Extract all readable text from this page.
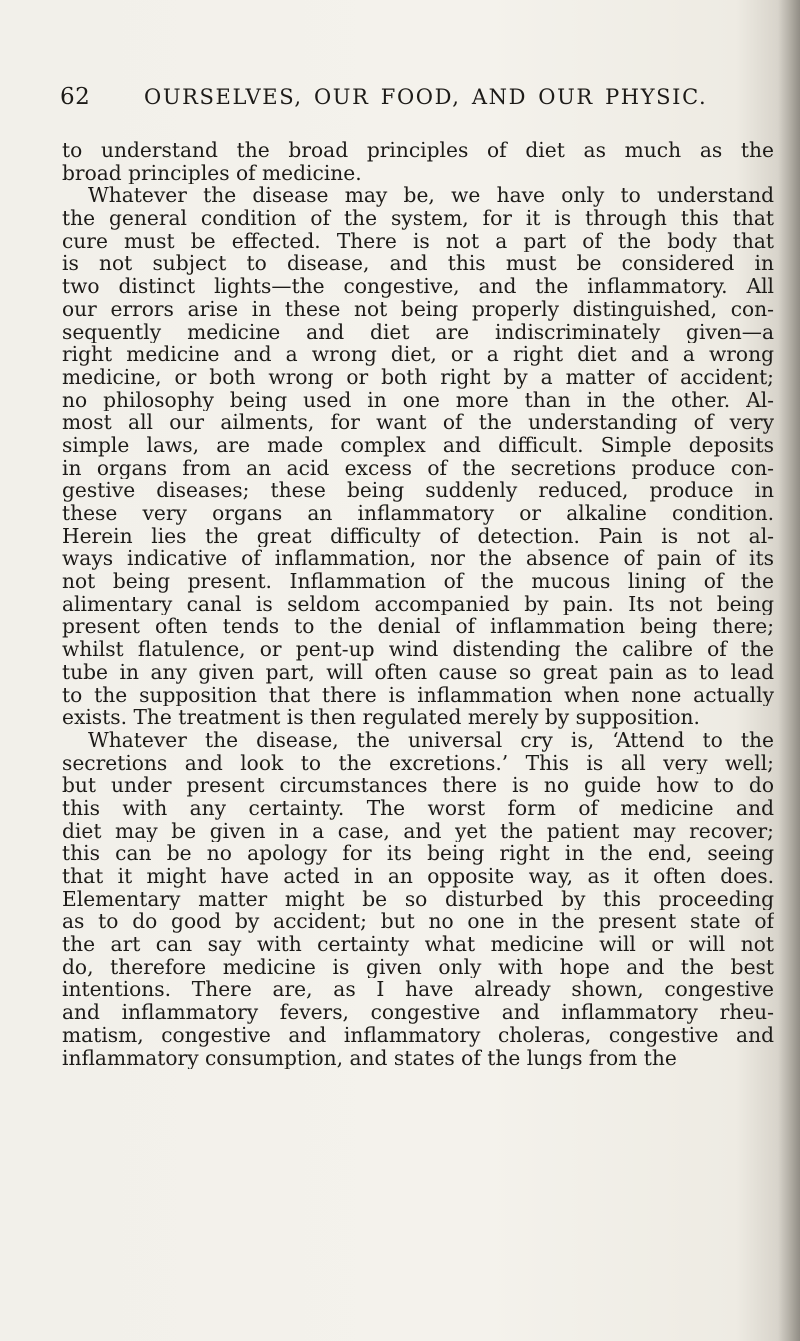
62	OURSELVES, OUR FOOD, AND OUR PHYSIC.
to understand the broad principles of diet as much as the
broad principles of medicine.
Whatever the disease may be, we have only to understand
the general condition of the system, for it is through this that
cure must be effected. There is not a part of the body that
is not subject to disease, and this must be considered in
two distinct lights—the congestive, and the inflammatory. All
our errors arise in these not being properly distinguished, con-
sequently medicine and diet are indiscriminately given—a
right medicine and a wrong diet, or a right diet and a wrong
medicine, or both wrong or both right by a matter of accident;
no philosophy being used in one more than in the other. Al-
most all our ailments, for want of the understanding of very
simple laws, are made complex and difficult. Simple deposits
in organs from an acid excess of the secretions produce con-
gestive diseases; these being suddenly reduced, produce in
these very organs an inflammatory or alkaline condition.
Herein lies the great difficulty of detection. Pain is not al-
ways indicative of inflammation, nor the absence of pain of its
not being present. Inflammation of the mucous lining of the
alimentary canal is seldom accompanied by pain. Its not being
present often tends to the denial of inflammation being there;
whilst flatulence, or pent-up wind distending the calibre of the
tube in any given part, will often cause so great pain as to lead
to the supposition that there is inflammation when none actually
exists. The treatment is then regulated merely by supposition.
Whatever the disease, the universal cry is, ‘Attend to the
secretions and look to the excretions.’ This is all very well;
but under present circumstances there is no guide how to do
this with any certainty. The worst form of medicine and
diet may be given in a case, and yet the patient may recover;
this can be no apology for its being right in the end, seeing
that it might have acted in an opposite way, as it often does.
Elementary matter might be so disturbed by this proceeding
as to do good by accident; but no one in the present state of
the art can say with certainty what medicine will or will not
do, therefore medicine is given only with hope and the best
intentions. There are, as I have already shown, congestive
and inflammatory fevers, congestive and inflammatory rheu-
matism, congestive and inflammatory choleras, congestive and
inflammatory consumption, and states of the lungs from the
